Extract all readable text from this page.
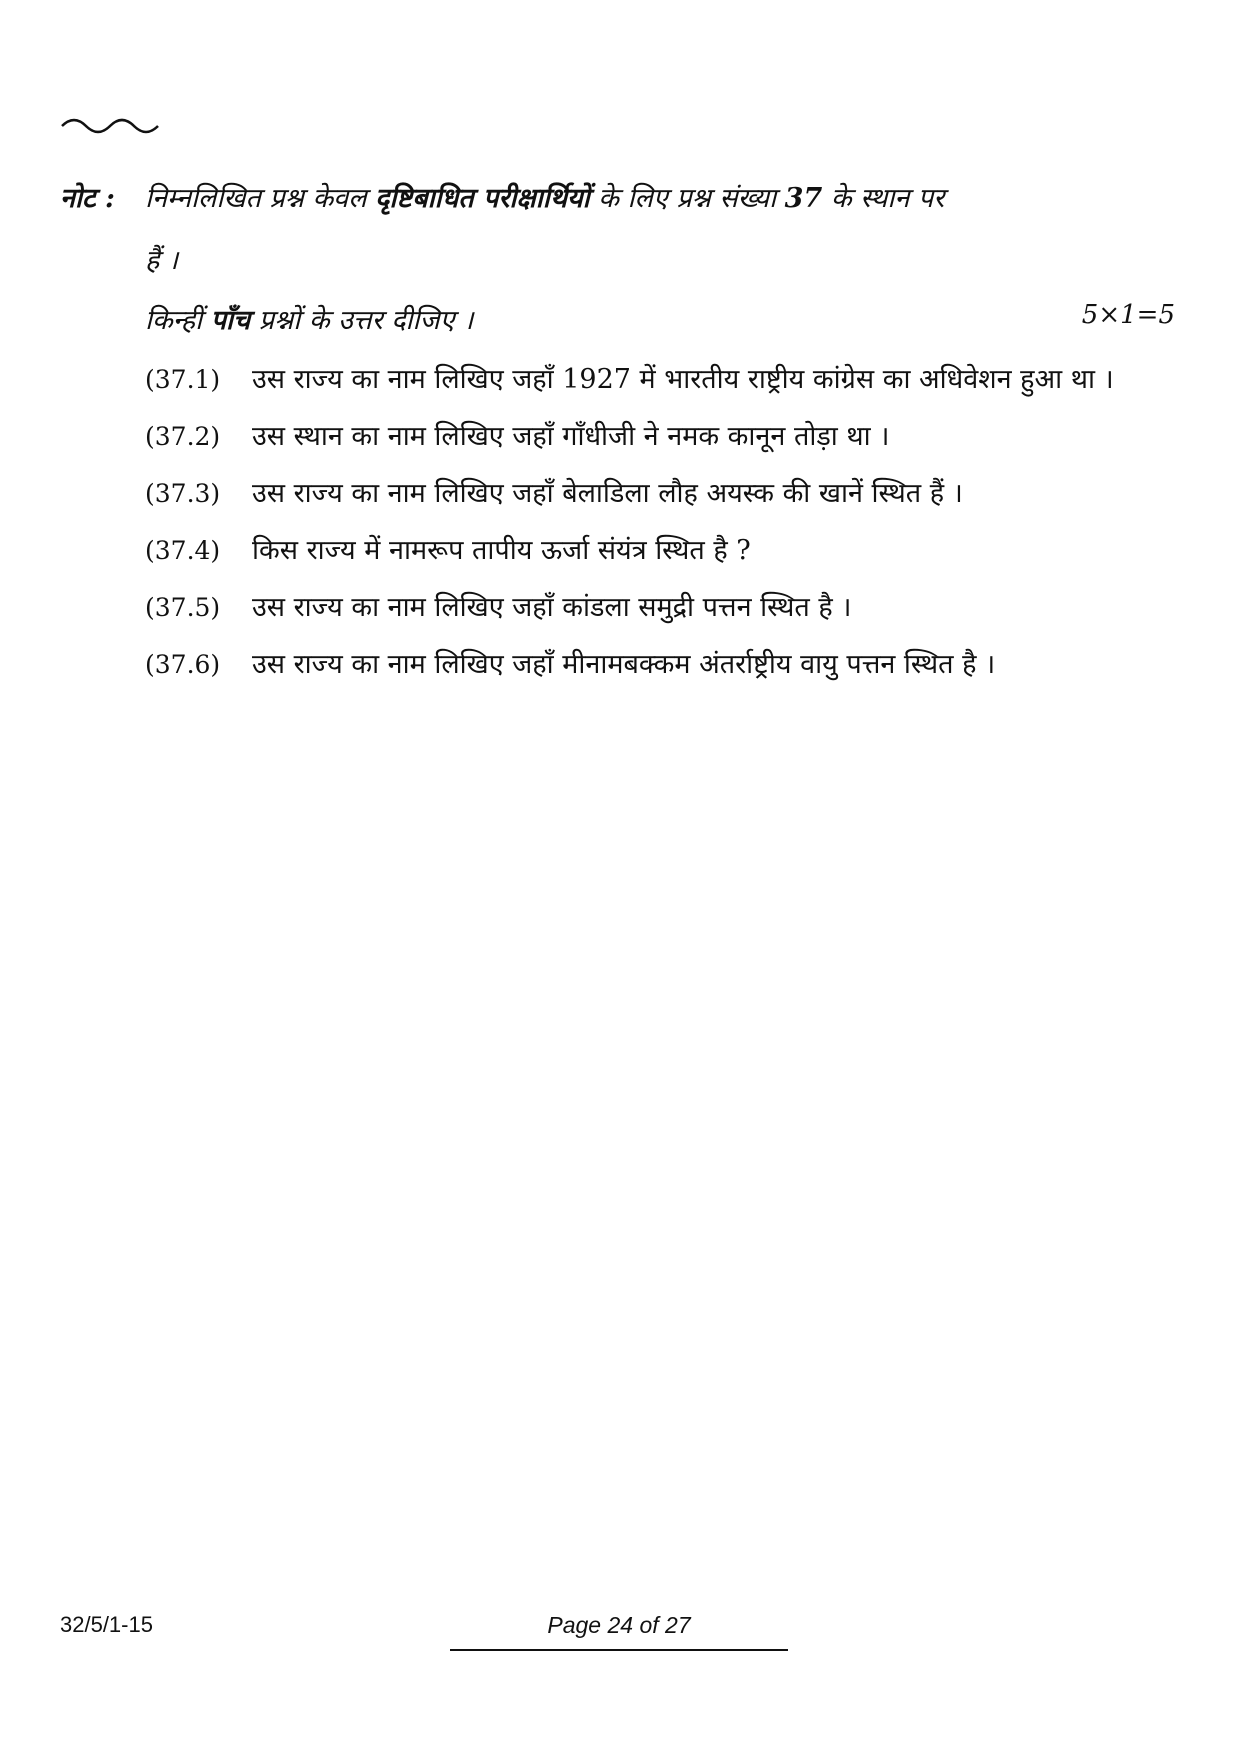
नोट : निम्नलिखित प्रश्न केवल दृष्टिबाधित परीक्षार्थियों के लिए प्रश्न संख्या 37 के स्थान पर
हैं ।
किन्हीं पाँच प्रश्नों के उत्तर दीजिए ।	5×1=5
(37.1)	उस राज्य का नाम लिखिए जहाँ 1927 में भारतीय राष्ट्रीय कांग्रेस का अधिवेशन हुआ था ।
(37.2)	उस स्थान का नाम लिखिए जहाँ गाँधीजी ने नमक कानून तोड़ा था ।
(37.3)	उस राज्य का नाम लिखिए जहाँ बेलाडिला लौह अयस्क की खानें स्थित हैं ।
(37.4)	किस राज्य में नामरूप तापीय ऊर्जा संयंत्र स्थित है ?
(37.5)	उस राज्य का नाम लिखिए जहाँ कांडला समुद्री पत्तन स्थित है ।
(37.6)	उस राज्य का नाम लिखिए जहाँ मीनामबक्कम अंतर्राष्ट्रीय वायु पत्तन स्थित है ।
32/5/1-15	Page 24 of 27
